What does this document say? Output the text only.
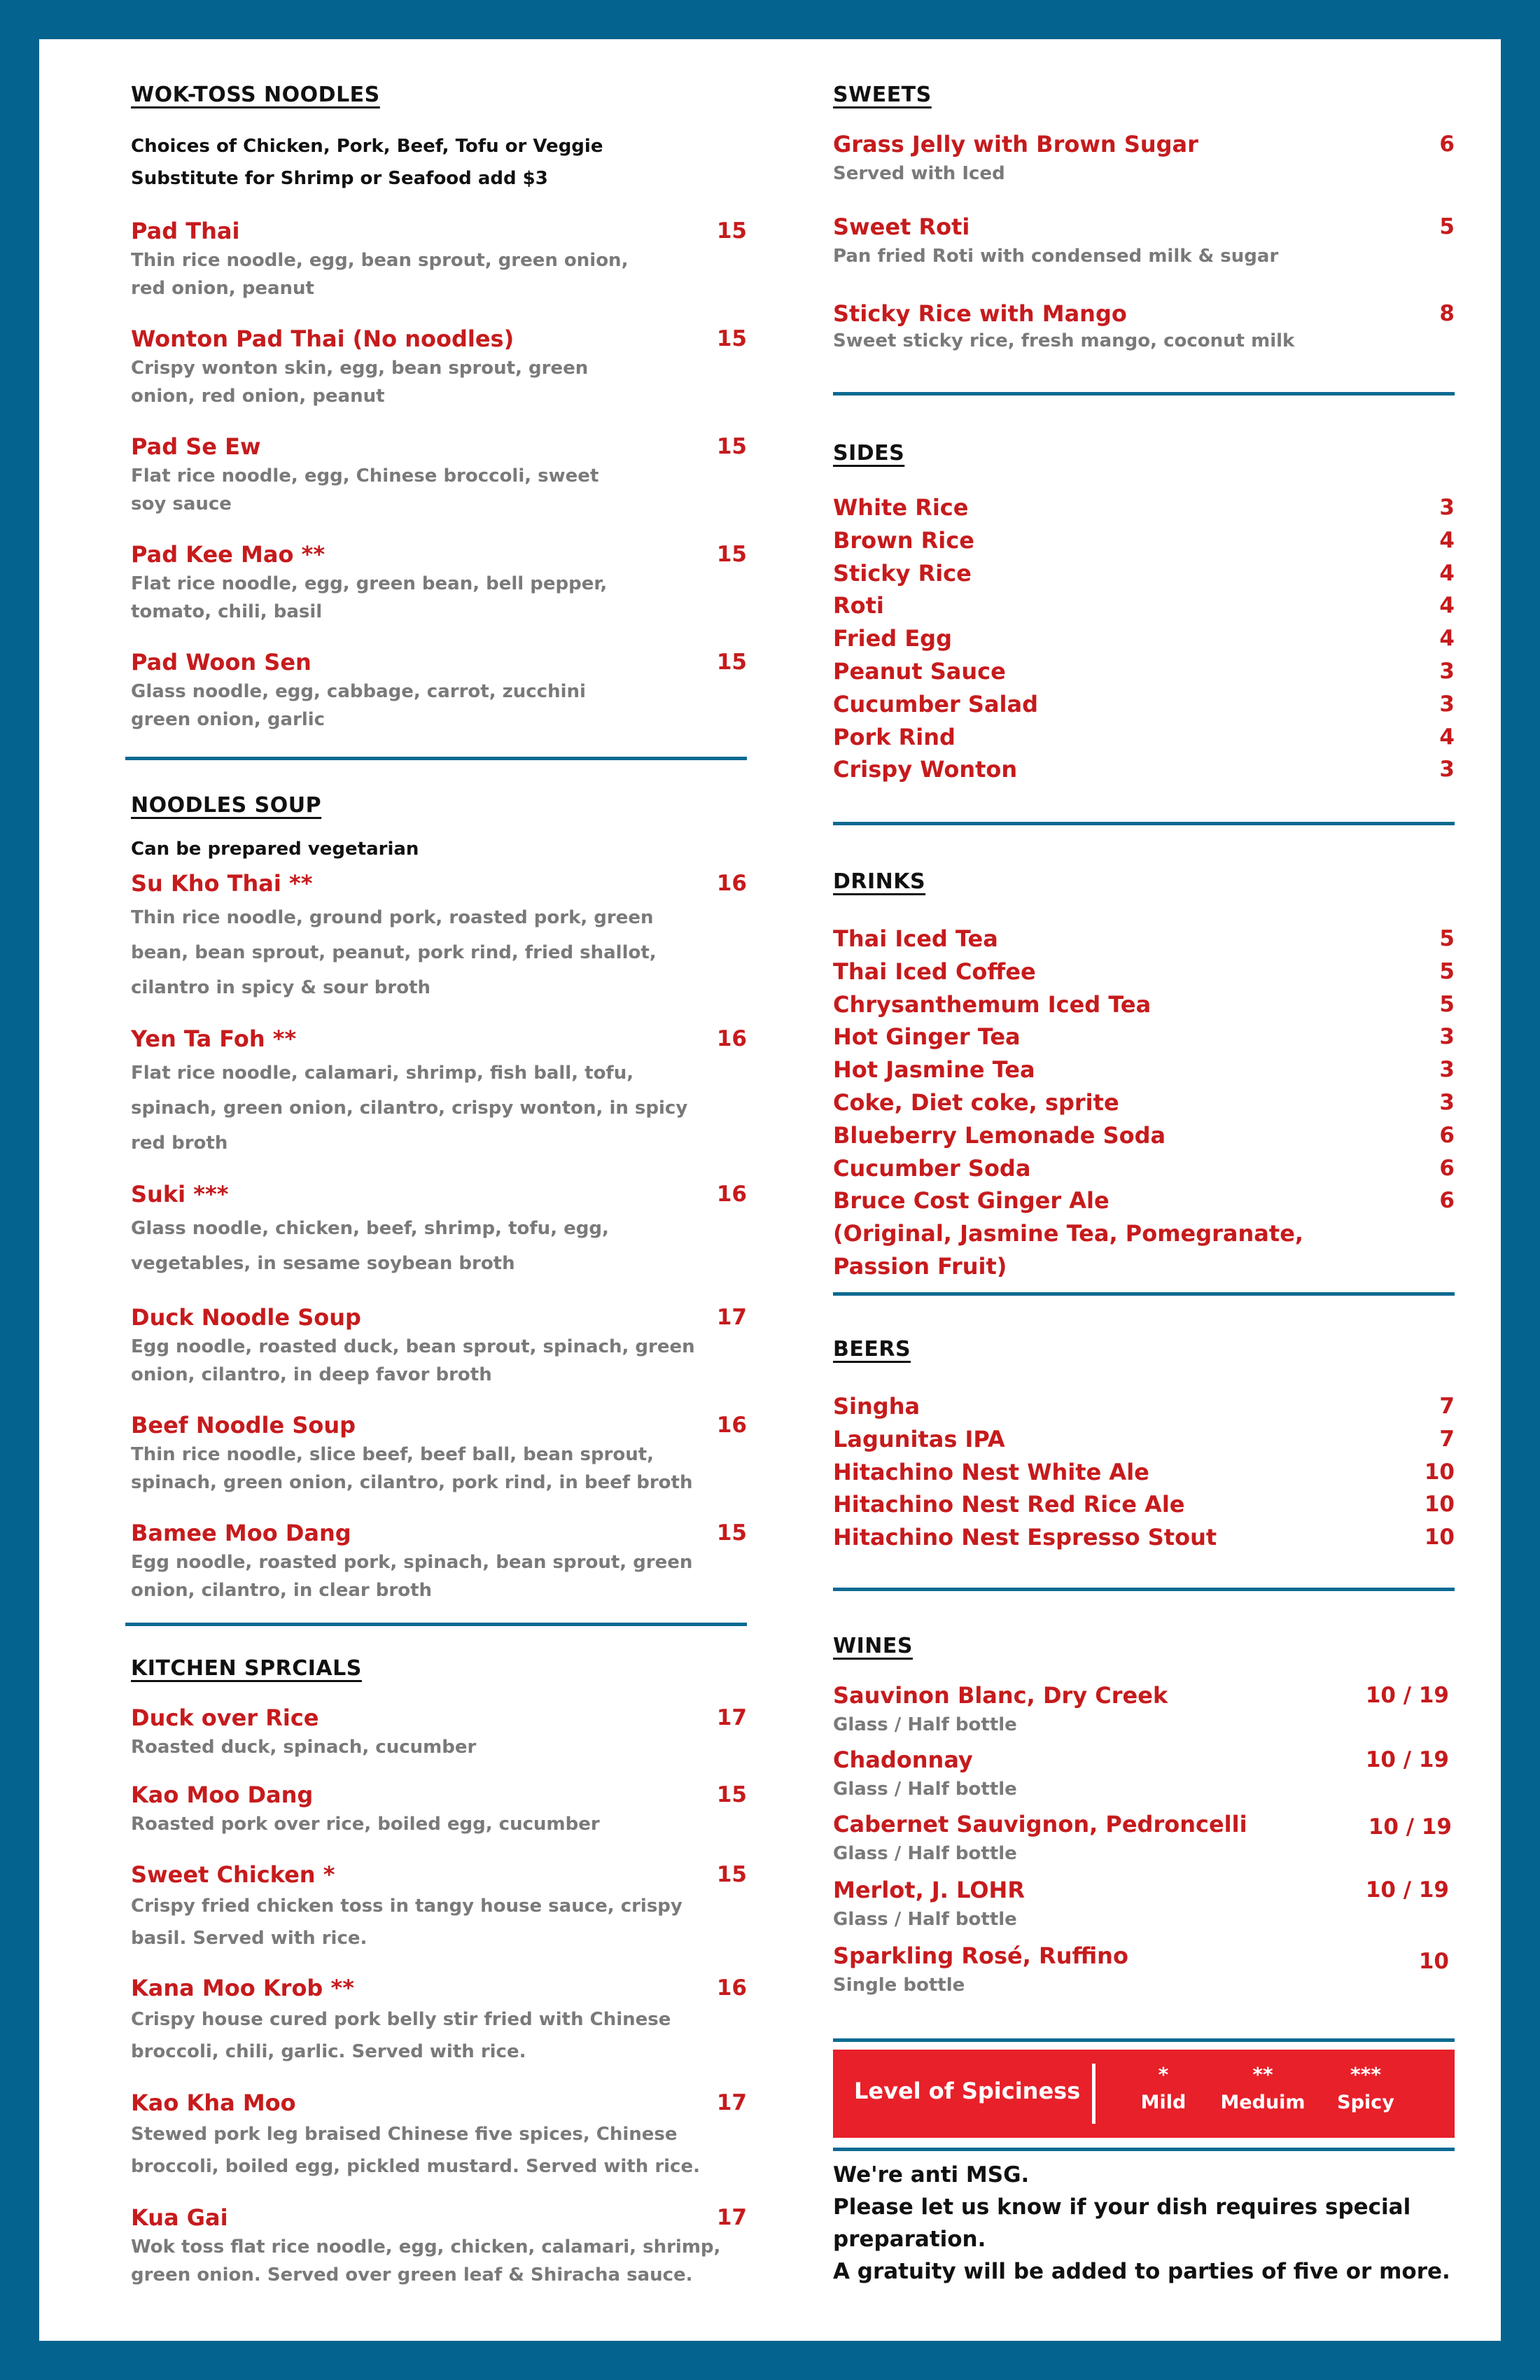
WOK-TOSS NOODLES
Choices of Chicken, Pork, Beef, Tofu or Veggie
Substitute for Shrimp or Seafood add $3
Pad Thai	15
Thin rice noodle, egg, bean sprout, green onion,
red onion, peanut
Wonton Pad Thai (No noodles)	15
Crispy wonton skin, egg, bean sprout, green
onion, red onion, peanut
Pad Se Ew	15
Flat rice noodle, egg, Chinese broccoli, sweet
soy sauce
Pad Kee Mao **	15
Flat rice noodle, egg, green bean, bell pepper,
tomato, chili, basil
Pad Woon Sen	15
Glass noodle, egg, cabbage, carrot, zucchini
green onion, garlic
NOODLES SOUP
Can be prepared vegetarian
Su Kho Thai **	16
Thin rice noodle, ground pork, roasted pork, green
bean, bean sprout, peanut, pork rind, fried shallot,
cilantro in spicy & sour broth
Yen Ta Foh **	16
Flat rice noodle, calamari, shrimp, fish ball, tofu,
spinach, green onion, cilantro, crispy wonton, in spicy
red broth
Suki ***	16
Glass noodle, chicken, beef, shrimp, tofu, egg,
vegetables, in sesame soybean broth
Duck Noodle Soup	17
Egg noodle, roasted duck, bean sprout, spinach, green
onion, cilantro, in deep favor broth
Beef Noodle Soup	16
Thin rice noodle, slice beef, beef ball, bean sprout,
spinach, green onion, cilantro, pork rind, in beef broth
Bamee Moo Dang	15
Egg noodle, roasted pork, spinach, bean sprout, green
onion, cilantro, in clear broth
KITCHEN SPRCIALS
Duck over Rice	17
Roasted duck, spinach, cucumber
Kao Moo Dang	15
Roasted pork over rice, boiled egg, cucumber
Sweet Chicken *	15
Crispy fried chicken toss in tangy house sauce, crispy
basil. Served with rice.
Kana Moo Krob **	16
Crispy house cured pork belly stir fried with Chinese
broccoli, chili, garlic. Served with rice.
Kao Kha Moo	17
Stewed pork leg braised Chinese five spices, Chinese
broccoli, boiled egg, pickled mustard. Served with rice.
Kua Gai	17
Wok toss flat rice noodle, egg, chicken, calamari, shrimp,
green onion. Served over green leaf & Shiracha sauce.
SWEETS
Grass Jelly with Brown Sugar	6
Served with Iced
Sweet Roti	5
Pan fried Roti with condensed milk & sugar
Sticky Rice with Mango	8
Sweet sticky rice, fresh mango, coconut milk
SIDES
White Rice	3
Brown Rice	4
Sticky Rice	4
Roti	4
Fried Egg	4
Peanut Sauce	3
Cucumber Salad	3
Pork Rind	4
Crispy Wonton	3
DRINKS
Thai Iced Tea	5
Thai Iced Coffee	5
Chrysanthemum Iced Tea	5
Hot Ginger Tea	3
Hot Jasmine Tea	3
Coke, Diet coke, sprite	3
Blueberry Lemonade Soda	6
Cucumber Soda	6
Bruce Cost Ginger Ale	6
(Original, Jasmine Tea, Pomegranate,
Passion Fruit)
BEERS
Singha	7
Lagunitas IPA	7
Hitachino Nest White Ale	10
Hitachino Nest Red Rice Ale	10
Hitachino Nest Espresso Stout	10
WINES
Sauvinon Blanc, Dry Creek	10 / 19
Glass / Half bottle
Chadonnay	10 / 19
Glass / Half bottle
Cabernet Sauvignon, Pedroncelli	10 / 19
Glass / Half bottle
Merlot, J. LOHR	10 / 19
Glass / Half bottle
Sparkling Rosé, Ruffino	10
Single bottle
Level of Spiciness
*
Mild
**
Meduim
***
Spicy
We're anti MSG.
Please let us know if your dish requires special
preparation.
A gratuity will be added to parties of five or more.
